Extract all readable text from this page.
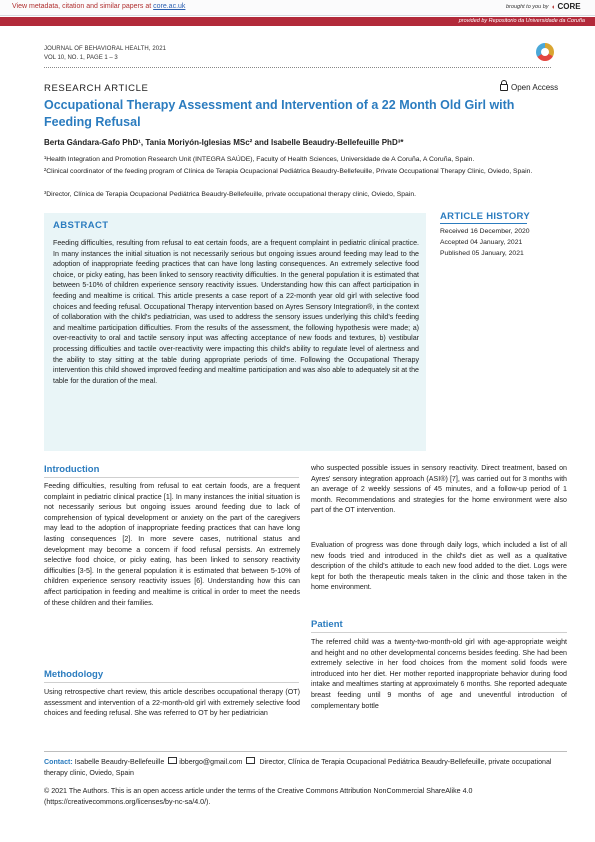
View metadata, citation and similar papers at core.ac.uk	brought to you by ◖ CORE
provided by Repositorio da Universidade da Coruña
JOURNAL OF BEHAVIORAL HEALTH, 2021
VOL 10, NO. 1, PAGE 1 – 3
RESEARCH ARTICLE	Open Access
Occupational Therapy Assessment and Intervention of a 22 Month Old Girl with Feeding Refusal
Berta Gándara-Gafo PhD¹, Tania Moriyón-Iglesias MSc² and Isabelle Beaudry-Bellefeuille PhD³*
¹Health Integration and Promotion Research Unit (INTEGRA SAÚDE), Faculty of Health Sciences, Universidade de A Coruña, A Coruña, Spain.
²Clinical coordinator of the feeding program of Clínica de Terapia Ocupacional Pediátrica Beaudry-Bellefeuille, Private Occupational Therapy Clinic, Oviedo, Spain.
³Director, Clínica de Terapia Ocupacional Pediátrica Beaudry-Bellefeuille, private occupational therapy clinic, Oviedo, Spain.
ABSTRACT
Feeding difficulties, resulting from refusal to eat certain foods, are a frequent complaint in pediatric clinical practice. In many instances the initial situation is not necessarily serious but ongoing issues around feeding may lead to the adoption of inappropriate feeding practices that can have long lasting consequences. An extremely selective food choice, or picky eating, has been linked to sensory reactivity difficulties. In the general population it is estimated that between 5-10% of children experience sensory reactivity issues. Understanding how this can affect participation in feeding and mealtime is critical. This article presents a case report of a 22-month year old girl with selective food choices and feeding refusal. Occupational Therapy intervention based on Ayres Sensory Integration®, in the context of collaboration with the child's pediatrician, was used to address the sensory issues underlying this child's feeding and mealtime participation difficulties. From the results of the assessment, the following hypothesis were made; a) over-reactivity to oral and tactile sensory input was affecting acceptance of new foods and textures, b) vestibular processing difficulties and tactile over-reactivity were impacting this child's ability to regulate level of alertness and the ability to stay sitting at the table during appropriate periods of time. Following the Occupational Therapy intervention this child showed improved feeding and mealtime participation and was also able to adequately sit at the table for the duration of the meal.
ARTICLE HISTORY
Received 16 December, 2020
Accepted 04 January, 2021
Published 05 January, 2021
Introduction
Feeding difficulties, resulting from refusal to eat certain foods, are a frequent complaint in pediatric clinical practice [1]. In many instances the initial situation is not necessarily serious but ongoing issues around feeding due to lack of comprehension of typical development or anxiety on the part of the caregivers may lead to the adoption of inappropriate feeding practices that can have long lasting consequences [2]. In more severe cases, nutritional status and development may become a concern if food refusal persists. An extremely selective food choice, or picky eating, has been linked to sensory reactivity difficulties [3-5]. In the general population it is estimated that between 5-10% of children experience sensory reactivity issues [6]. Understanding how this can affect participation in feeding and mealtime is critical in order to meet the needs of these children and their families.
Methodology
Using retrospective chart review, this article describes occupational therapy (OT) assessment and intervention of a 22-month-old girl with extremely selective food choices and feeding refusal. She was referred to OT by her pediatrician
who suspected possible issues in sensory reactivity. Direct treatment, based on Ayres' sensory integration approach (ASI®) [7], was carried out for 3 months with an average of 2 weekly sessions of 45 minutes, and a follow-up period of 1 month. Recommendations and strategies for the home environment were also part of the OT intervention.
Evaluation of progress was done through daily logs, which included a list of all new foods tried and introduced in the child's diet as well as a qualitative description of the child's attitude to each new food added to the diet. Logs were kept for both the therapeutic meals taken in the clinic and those taken in the home environment.
Patient
The referred child was a twenty-two-month-old girl with age-appropriate weight and height and no other developmental concerns besides feeding. She had been extremely selective in her food choices from the moment solid foods were introduced into her diet. Her mother reported inappropriate behavior during food intake and mealtimes starting at approximately 6 months. She reported adequate breast feeding until 9 months of age and uneventful introduction of complementary bottle
Contact: Isabelle Beaudry-Bellefeuille ibbergo@gmail.com Director, Clínica de Terapia Ocupacional Pediátrica Beaudry-Bellefeuille, private occupational therapy clinic, Oviedo, Spain
© 2021 The Authors. This is an open access article under the terms of the Creative Commons Attribution NonCommercial ShareAlike 4.0 (https://creativecommons.org/licenses/by-nc-sa/4.0/).
